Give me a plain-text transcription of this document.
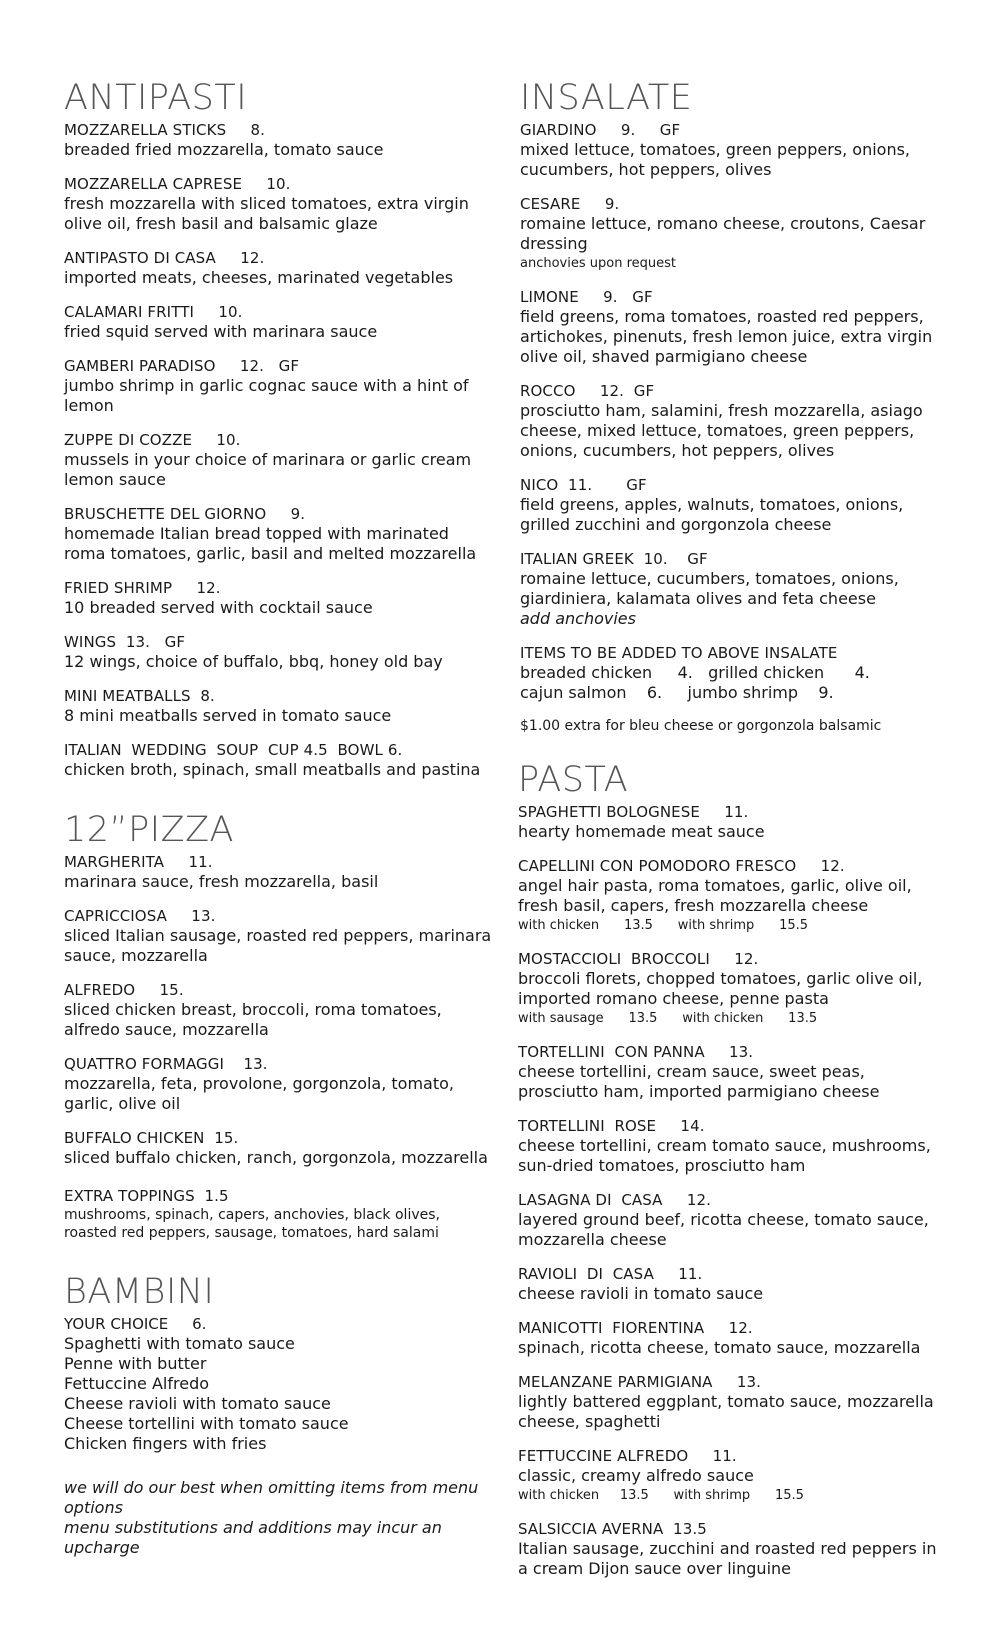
ANTIPASTI
MOZZARELLA STICKS     8.
breaded fried mozzarella, tomato sauce
MOZZARELLA CAPRESE     10.
fresh mozzarella with sliced tomatoes, extra virgin olive oil, fresh basil and balsamic glaze
ANTIPASTO DI CASA     12.
imported meats, cheeses, marinated vegetables
CALAMARI FRITTI     10.
fried squid served with marinara sauce
GAMBERI PARADISO     12.   GF
jumbo shrimp in garlic cognac sauce with a hint of lemon
ZUPPE DI COZZE     10.
mussels in your choice of marinara or garlic cream lemon sauce
BRUSCHETTE DEL GIORNO     9.
homemade Italian bread topped with marinated roma tomatoes, garlic, basil and melted mozzarella
FRIED SHRIMP     12.
10 breaded served with cocktail sauce
WINGS  13.   GF
12 wings, choice of buffalo, bbq, honey old bay
MINI MEATBALLS  8.
8 mini meatballs served in tomato sauce
ITALIAN  WEDDING  SOUP  CUP 4.5  BOWL 6.
chicken broth, spinach, small meatballs and pastina
12”PIZZA
MARGHERITA     11.
marinara sauce, fresh mozzarella, basil
CAPRICCIOSA     13.
sliced Italian sausage, roasted red peppers, marinara sauce, mozzarella
ALFREDO     15.
sliced chicken breast, broccoli, roma tomatoes, alfredo sauce, mozzarella
QUATTRO FORMAGGI    13.
mozzarella, feta, provolone, gorgonzola, tomato, garlic, olive oil
BUFFALO CHICKEN  15.
sliced buffalo chicken, ranch, gorgonzola, mozzarella
EXTRA TOPPINGS  1.5
mushrooms, spinach, capers, anchovies, black olives, roasted red peppers, sausage, tomatoes, hard salami
BAMBINI
YOUR CHOICE     6.
Spaghetti with tomato sauce
Penne with butter
Fettuccine Alfredo
Cheese ravioli with tomato sauce
Cheese tortellini with tomato sauce
Chicken fingers with fries
we will do our best when omitting items from menu options
menu substitutions and additions may incur an upcharge
INSALATE
GIARDINO     9.     GF
mixed lettuce, tomatoes, green peppers, onions, cucumbers, hot peppers, olives
CESARE     9.
romaine lettuce, romano cheese, croutons, Caesar dressing
anchovies upon request
LIMONE     9.   GF
field greens, roma tomatoes, roasted red peppers, artichokes, pinenuts, fresh lemon juice, extra virgin olive oil, shaved parmigiano cheese
ROCCO     12.  GF
prosciutto ham, salamini, fresh mozzarella, asiago cheese, mixed lettuce, tomatoes, green peppers, onions, cucumbers, hot peppers, olives
NICO  11.       GF
field greens, apples, walnuts, tomatoes, onions, grilled zucchini and gorgonzola cheese
ITALIAN GREEK  10.    GF
romaine lettuce, cucumbers, tomatoes, onions, giardiniera, kalamata olives and feta cheese
add anchovies
ITEMS TO BE ADDED TO ABOVE INSALATE
breaded chicken     4.   grilled chicken      4.
cajun salmon    6.     jumbo shrimp    9.
$1.00 extra for bleu cheese or gorgonzola balsamic
PASTA
SPAGHETTI BOLOGNESE     11.
hearty homemade meat sauce
CAPELLINI CON POMODORO FRESCO     12.
angel hair pasta, roma tomatoes, garlic, olive oil, fresh basil, capers, fresh mozzarella cheese
with chicken      13.5      with shrimp      15.5
MOSTACCIOLI  BROCCOLI     12.
broccoli florets, chopped tomatoes, garlic olive oil, imported romano cheese, penne pasta
with sausage      13.5      with chicken      13.5
TORTELLINI  CON PANNA     13.
cheese tortellini, cream sauce, sweet peas, prosciutto ham, imported parmigiano cheese
TORTELLINI  ROSE     14.
cheese tortellini, cream tomato sauce, mushrooms, sun-dried tomatoes, prosciutto ham
LASAGNA DI  CASA     12.
layered ground beef, ricotta cheese, tomato sauce, mozzarella cheese
RAVIOLI  DI  CASA     11.
cheese ravioli in tomato sauce
MANICOTTI  FIORENTINA     12.
spinach, ricotta cheese, tomato sauce, mozzarella
MELANZANE PARMIGIANA     13.
lightly battered eggplant, tomato sauce, mozzarella cheese, spaghetti
FETTUCCINE ALFREDO     11.
classic, creamy alfredo sauce
with chicken     13.5      with shrimp      15.5
SALSICCIA AVERNA  13.5
Italian sausage, zucchini and roasted red peppers in a cream Dijon sauce over linguine
